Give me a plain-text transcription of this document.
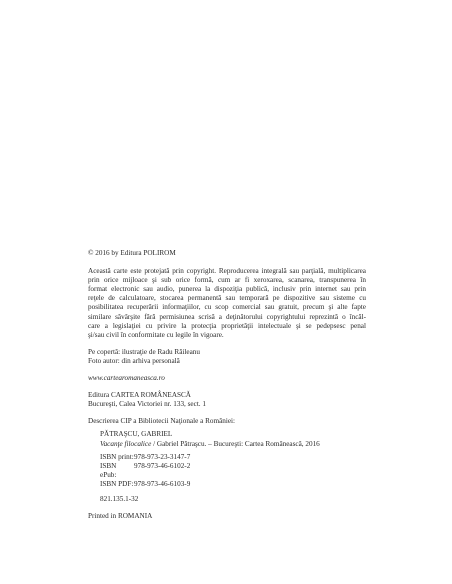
© 2016 by Editura POLIROM

Această carte este protejată prin copyright. Reproducerea integrală sau parţială, multiplicarea
prin orice mijloace şi sub orice formă, cum ar fi xeroxarea, scanarea, transpunerea în
format electronic sau audio, punerea la dispoziţia publică, inclusiv prin internet sau prin
reţele de calculatoare, stocarea permanentă sau temporară pe dispozitive sau sisteme cu
posibilitatea recuperării informaţiilor, cu scop comercial sau gratuit, precum şi alte fapte
similare săvârşite fără permisiunea scrisă a deţinătorului copyrightului reprezintă o încăl-
care a legislaţiei cu privire la protecţia proprietăţii intelectuale şi se pedepsesc penal
şi/sau civil în conformitate cu legile în vigoare.

Pe copertă: ilustraţie de Radu Răileanu

Foto autor: din arhiva personală

www.cartearomaneasca.ro

Editura CARTEA ROMÂNEASCĂ

Bucureşti, Calea Victoriei nr. 133, sect. 1

Descrierea CIP a Bibliotecii Naţionale a României:

PĂTRAŞCU, GABRIEL

Vacanţe filocalice / Gabriel Pătraşcu. – Bucureşti: Cartea Românească, 2016

ISBN print: 978-973-23-3147-7
ISBN ePub:
978-973-46-6102-2
ISBN PDF: 978-973-46-6103-9

821.135.1-32

Printed in ROMANIA
